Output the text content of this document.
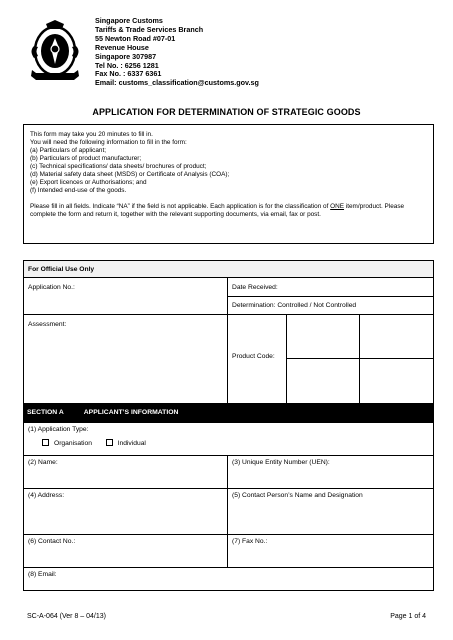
Singapore Customs
Tariffs & Trade Services Branch
55 Newton Road #07-01
Revenue House
Singapore 307987
Tel No. : 6256 1281
Fax No. : 6337 6361
Email: customs_classification@customs.gov.sg
APPLICATION FOR DETERMINATION OF STRATEGIC GOODS
This form may take you 20 minutes to fill in.
You will need the following information to fill in the form:
(a) Particulars of applicant;
(b) Particulars of product manufacturer;
(c) Technical specifications/ data sheets/ brochures of product;
(d) Material safety data sheet (MSDS) or Certificate of Analysis (COA);
(e) Export licences or Authorisations; and
(f) Intended end-use of the goods.
Please fill in all fields. Indicate “NA” if the field is not applicable. Each application is for the classification of ONE item/product. Please complete the form and return it, together with the relevant supporting documents, via email, fax or post.
For Official Use Only
Application No.:	Date Received:
Determination: Controlled / Not Controlled
Assessment:
Product Code:
SECTION A	APPLICANT’S INFORMATION
(1) Application Type:
Organisation	Individual
(2) Name:	(3) Unique Entity Number (UEN):
(4) Address:	(5) Contact Person’s Name and Designation
(6) Contact No.:	(7) Fax No.:
(8) Email:
SC-A-064 (Ver 8 – 04/13)	Page 1 of 4
